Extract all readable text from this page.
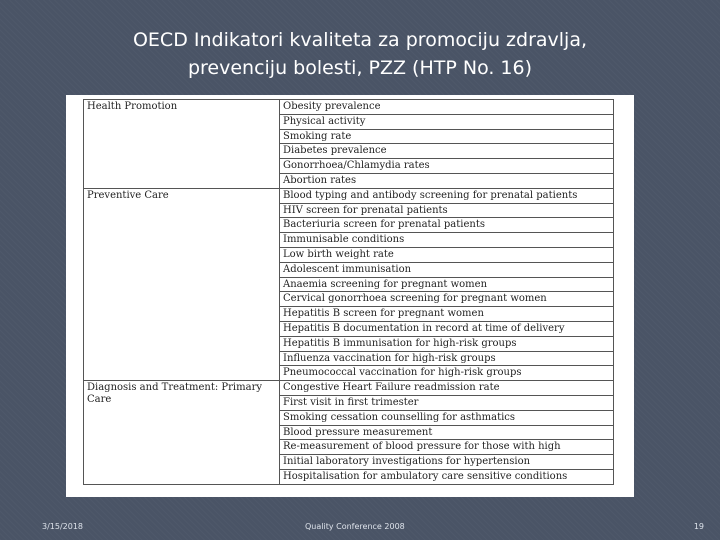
OECD Indikatori kvaliteta za promociju zdravlja,
prevenciju bolesti, PZZ (HTP No. 16)
Health Promotion	Obesity prevalence
	Physical activity
	Smoking rate
	Diabetes prevalence
	Gonorrhoea/Chlamydia rates
	Abortion rates
Preventive Care	Blood typing and antibody screening for prenatal patients
	HIV screen for prenatal patients
	Bacteriuria screen for prenatal patients
	Immunisable conditions
	Low birth weight rate
	Adolescent immunisation
	Anaemia screening for pregnant women
	Cervical gonorrhoea screening for pregnant women
	Hepatitis B screen for pregnant women
	Hepatitis B documentation in record at time of delivery
	Hepatitis B immunisation for high-risk groups
	Influenza vaccination for high-risk groups
	Pneumococcal vaccination for high-risk groups
Diagnosis and Treatment: Primary Care	Congestive Heart Failure readmission rate
	First visit in first trimester
	Smoking cessation counselling for asthmatics
	Blood pressure measurement
	Re-measurement of blood pressure for those with high
	Initial laboratory investigations for hypertension
	Hospitalisation for ambulatory care sensitive conditions
3/15/2018	Quality Conference 2008	19
